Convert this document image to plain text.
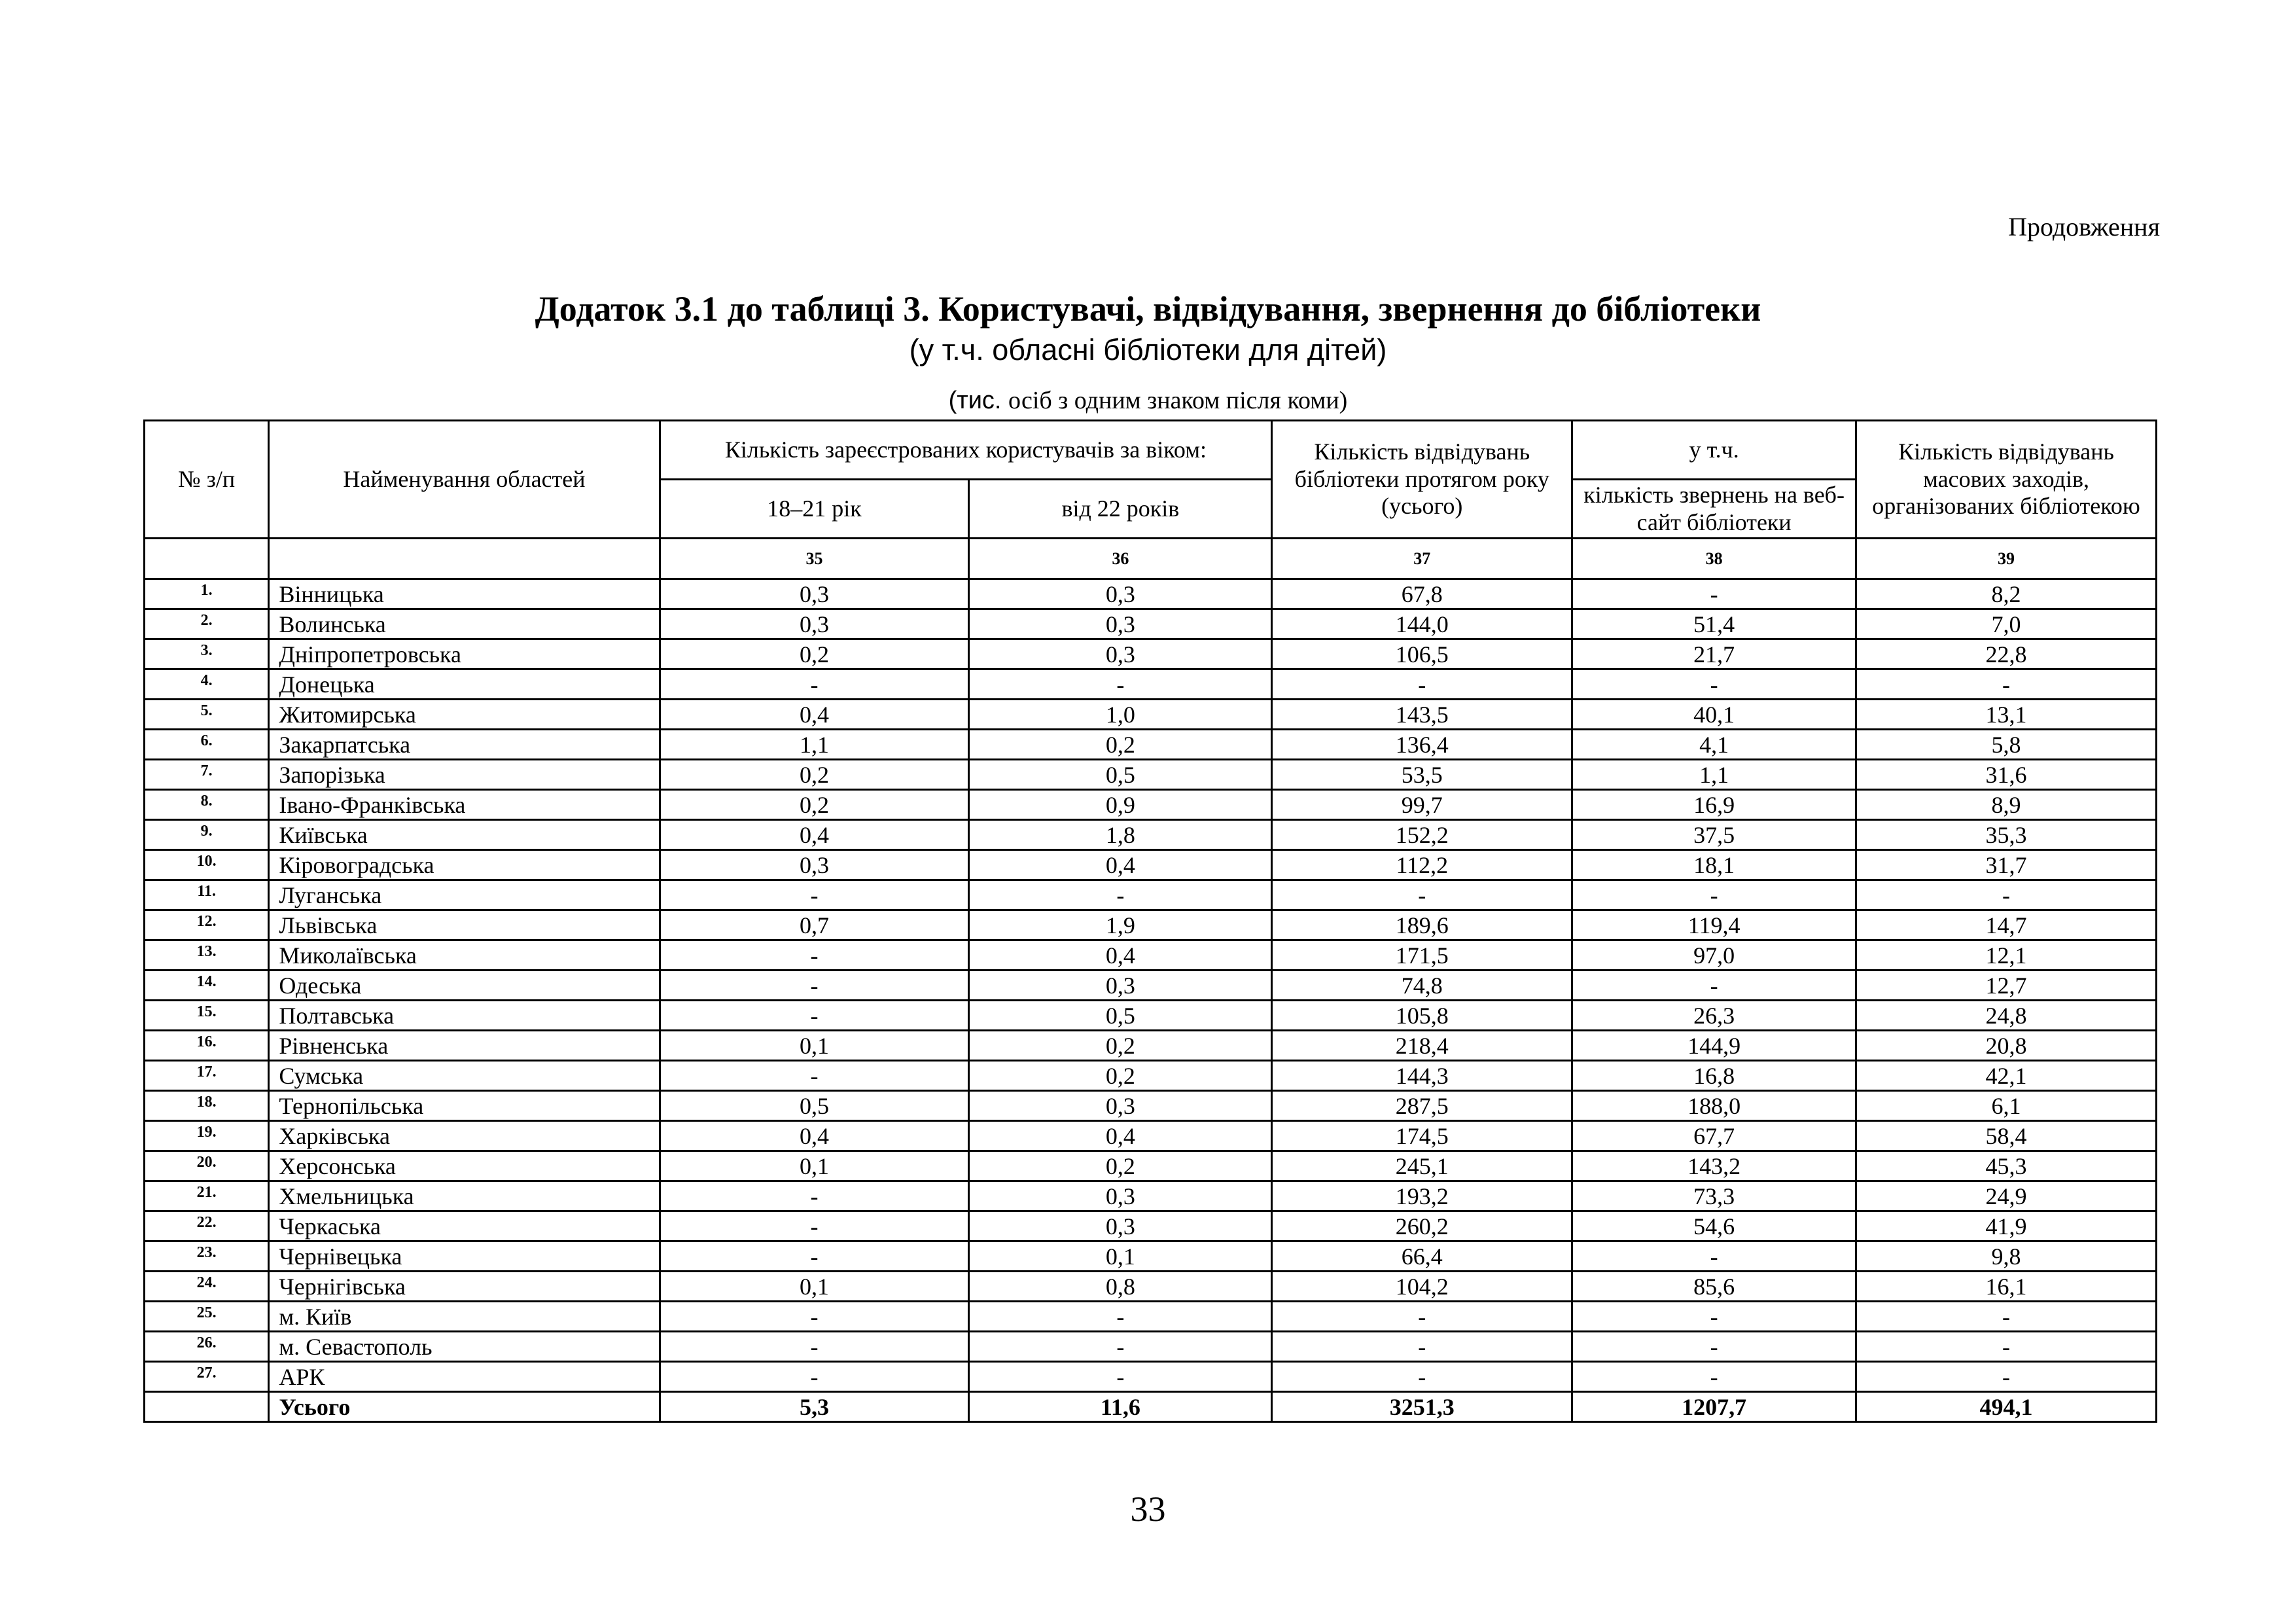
Продовження
Додаток 3.1 до таблиці 3. Користувачі, відвідування, звернення до бібліотеки
(у т.ч. обласні бібліотеки для дітей)
(тис. осіб з одним знаком після коми)
№ з/п	Найменування областей	Кількість зареєстрованих користувачів за віком:		Кількість відвідувань бібліотеки протягом року (усього)	у т.ч.	Кількість відвідувань масових заходів, організованих бібліотекою
		18–21 рік	від 22 років		кількість звернень на веб-сайт бібліотеки	
		35	36	37	38	39
1.	Вінницька	0,3	0,3	67,8	-	8,2
2.	Волинська	0,3	0,3	144,0	51,4	7,0
3.	Дніпропетровська	0,2	0,3	106,5	21,7	22,8
4.	Донецька	-	-	-	-	-
5.	Житомирська	0,4	1,0	143,5	40,1	13,1
6.	Закарпатська	1,1	0,2	136,4	4,1	5,8
7.	Запорізька	0,2	0,5	53,5	1,1	31,6
8.	Івано-Франківська	0,2	0,9	99,7	16,9	8,9
9.	Київська	0,4	1,8	152,2	37,5	35,3
10.	Кіровоградська	0,3	0,4	112,2	18,1	31,7
11.	Луганська	-	-	-	-	-
12.	Львівська	0,7	1,9	189,6	119,4	14,7
13.	Миколаївська	-	0,4	171,5	97,0	12,1
14.	Одеська	-	0,3	74,8	-	12,7
15.	Полтавська	-	0,5	105,8	26,3	24,8
16.	Рівненська	0,1	0,2	218,4	144,9	20,8
17.	Сумська	-	0,2	144,3	16,8	42,1
18.	Тернопільська	0,5	0,3	287,5	188,0	6,1
19.	Харківська	0,4	0,4	174,5	67,7	58,4
20.	Херсонська	0,1	0,2	245,1	143,2	45,3
21.	Хмельницька	-	0,3	193,2	73,3	24,9
22.	Черкаська	-	0,3	260,2	54,6	41,9
23.	Чернівецька	-	0,1	66,4	-	9,8
24.	Чернігівська	0,1	0,8	104,2	85,6	16,1
25.	м. Київ	-	-	-	-	-
26.	м. Севастополь	-	-	-	-	-
27.	АРК	-	-	-	-	-
	Усього	5,3	11,6	3251,3	1207,7	494,1
33
